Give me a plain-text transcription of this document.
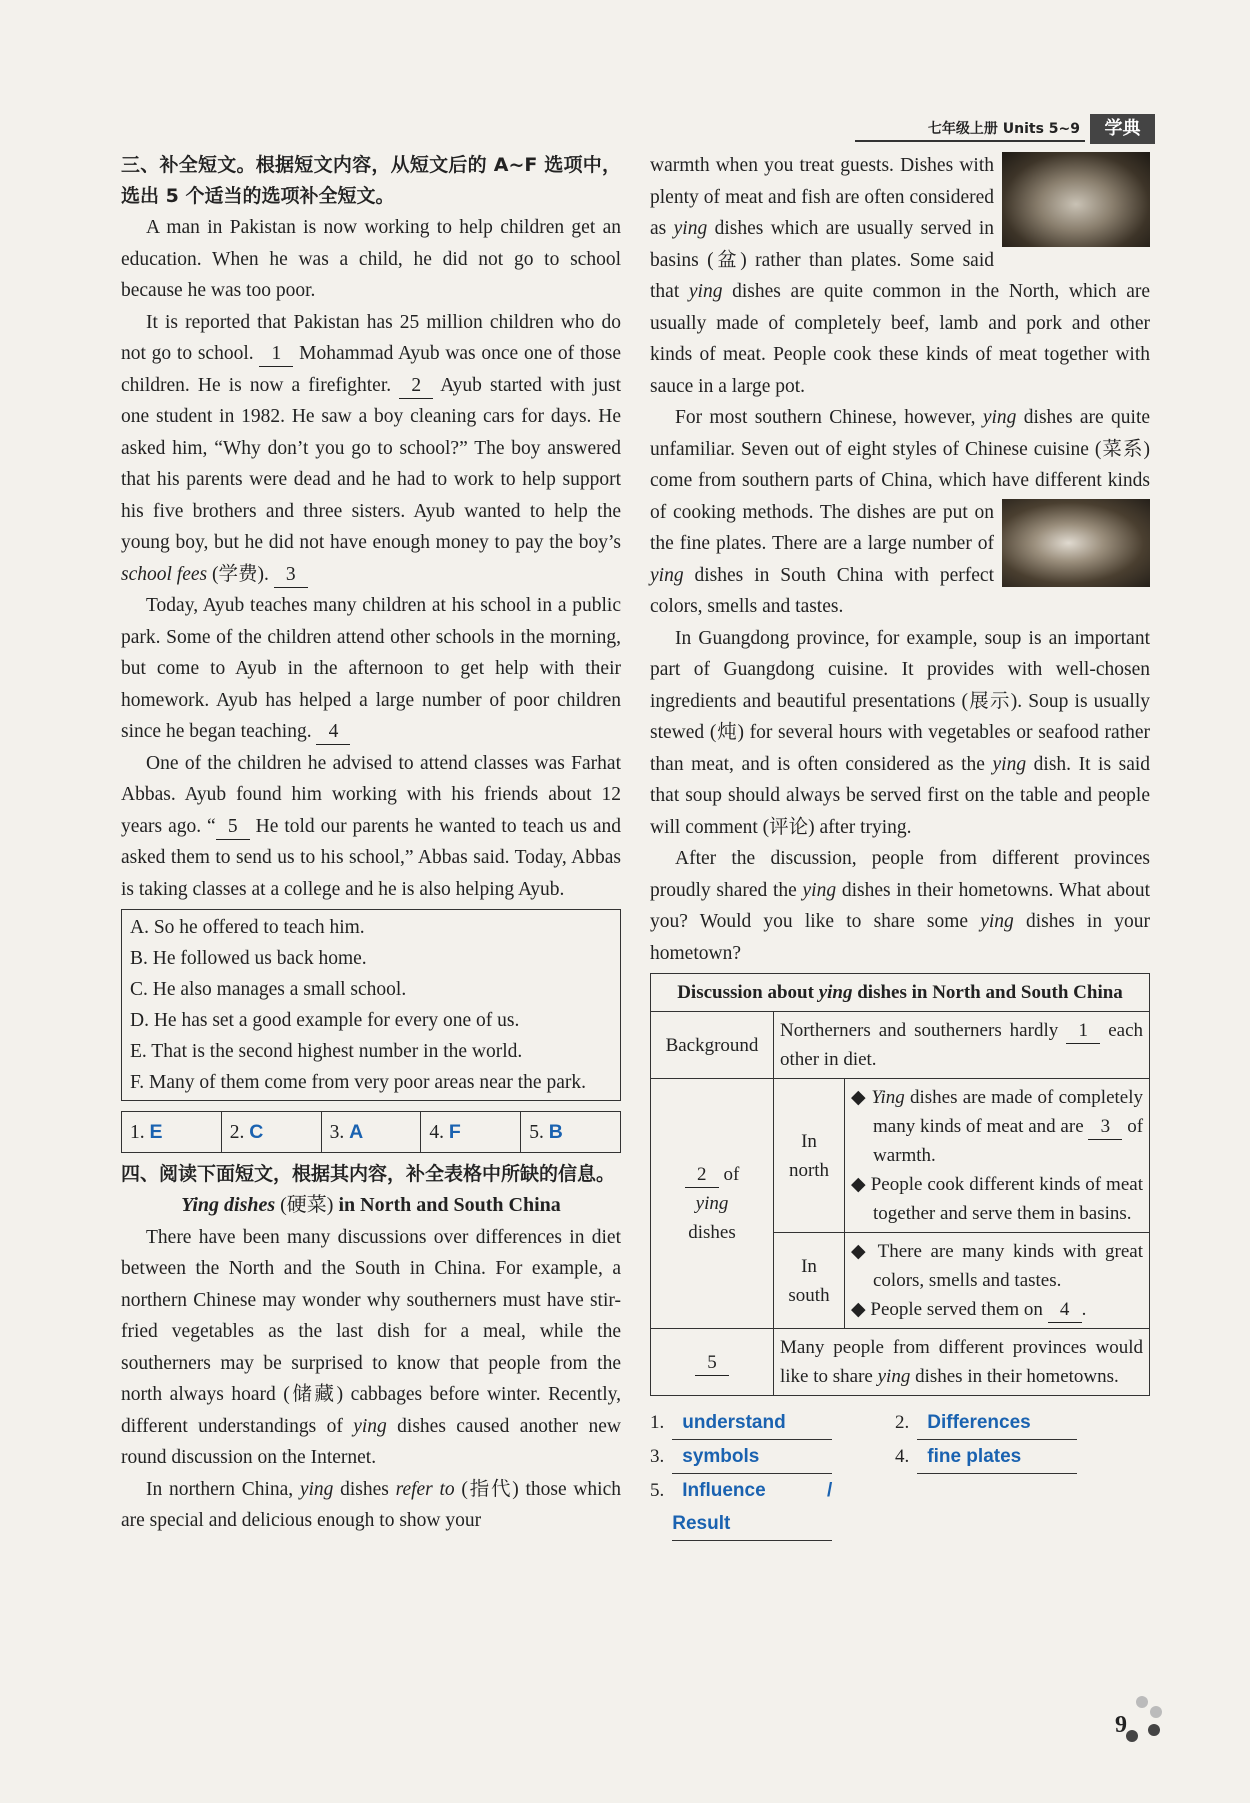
七年级上册 Units 5~9	学典
三、补全短文。根据短文内容，从短文后的 A~F 选项中，选出 5 个适当的选项补全短文。

A man in Pakistan is now working to help children get an education. When he was a child, he did not go to school because he was too poor.

It is reported that Pakistan has 25 million children who do not go to school. 1 Mohammad Ayub was once one of those children. He is now a firefighter. 2 Ayub started with just one student in 1982. He saw a boy cleaning cars for days. He asked him, “Why don’t you go to school?” The boy answered that his parents were dead and he had to work to help support his five brothers and three sisters. Ayub wanted to help the young boy, but he did not have enough money to pay the boy’s school fees (学费). 3

Today, Ayub teaches many children at his school in a public park. Some of the children attend other schools in the morning, but come to Ayub in the afternoon to get help with their homework. Ayub has helped a large number of poor children since he began teaching. 4

One of the children he advised to attend classes was Farhat Abbas. Ayub found him working with his friends about 12 years ago. “ 5 He told our parents he wanted to teach us and asked them to send us to his school,” Abbas said. Today, Abbas is taking classes at a college and he is also helping Ayub.

A. So he offered to teach him.
B. He followed us back home.
C. He also manages a small school.
D. He has set a good example for every one of us.
E. That is the second highest number in the world.
F. Many of them come from very poor areas near the park.
1. E	2. C	3. A	4. F	5. B
四、阅读下面短文，根据其内容，补全表格中所缺的信息。
Ying dishes (硬菜) in North and South China

There have been many discussions over differences in diet between the North and the South in China. For example, a northern Chinese may wonder why southerners must have stir-fried vegetables as the last dish for a meal, while the southerners may be surprised to know that people from the north always hoard (储藏) cabbages before winter. Recently, different understandings of ying dishes caused another new round discussion on the Internet.

In northern China, ying dishes refer to (指代) those which are special and delicious enough to show your

warmth when you treat guests. Dishes with plenty of meat and fish are often considered as ying dishes which are usually served in basins (盆) rather than plates. Some said that ying dishes are quite common in the North, which are usually made of completely beef, lamb and pork and other kinds of meat. People cook these kinds of meat together with sauce in a large pot.

For most southern Chinese, however, ying dishes are quite unfamiliar. Seven out of eight styles of Chinese cuisine (菜系) come from southern parts of China, which have different kinds of cooking methods. The dishes are put on the fine plates. There are a large number of ying dishes in South China with perfect colors, smells and tastes.

In Guangdong province, for example, soup is an important part of Guangdong cuisine. It provides with well-chosen ingredients and beautiful presentations (展示). Soup is usually stewed (炖) for several hours with vegetables or seafood rather than meat, and is often considered as the ying dish. It is said that soup should always be served first on the table and people will comment (评论) after trying.

After the discussion, people from different provinces proudly shared the ying dishes in their hometowns. What about you? Would you like to share some ying dishes in your hometown?

Discussion about ying dishes in North and South China		
Background	Northerners and southerners hardly 1 each other in diet.	
2 of
ying
dishes	In north	◆ Ying dishes are made of completely many kinds of meat and are 3 of warmth.
◆ People cook different kinds of meat together and serve them in basins.

	In south	◆ There are many kinds with great colors, smells and tastes.
◆ People served them on 4 .

5	Many people from different provinces would like to share ying dishes in their hometowns.	
1. understand	2. Differences
3. symbols	4. fine plates
5. Influence / Result
9
